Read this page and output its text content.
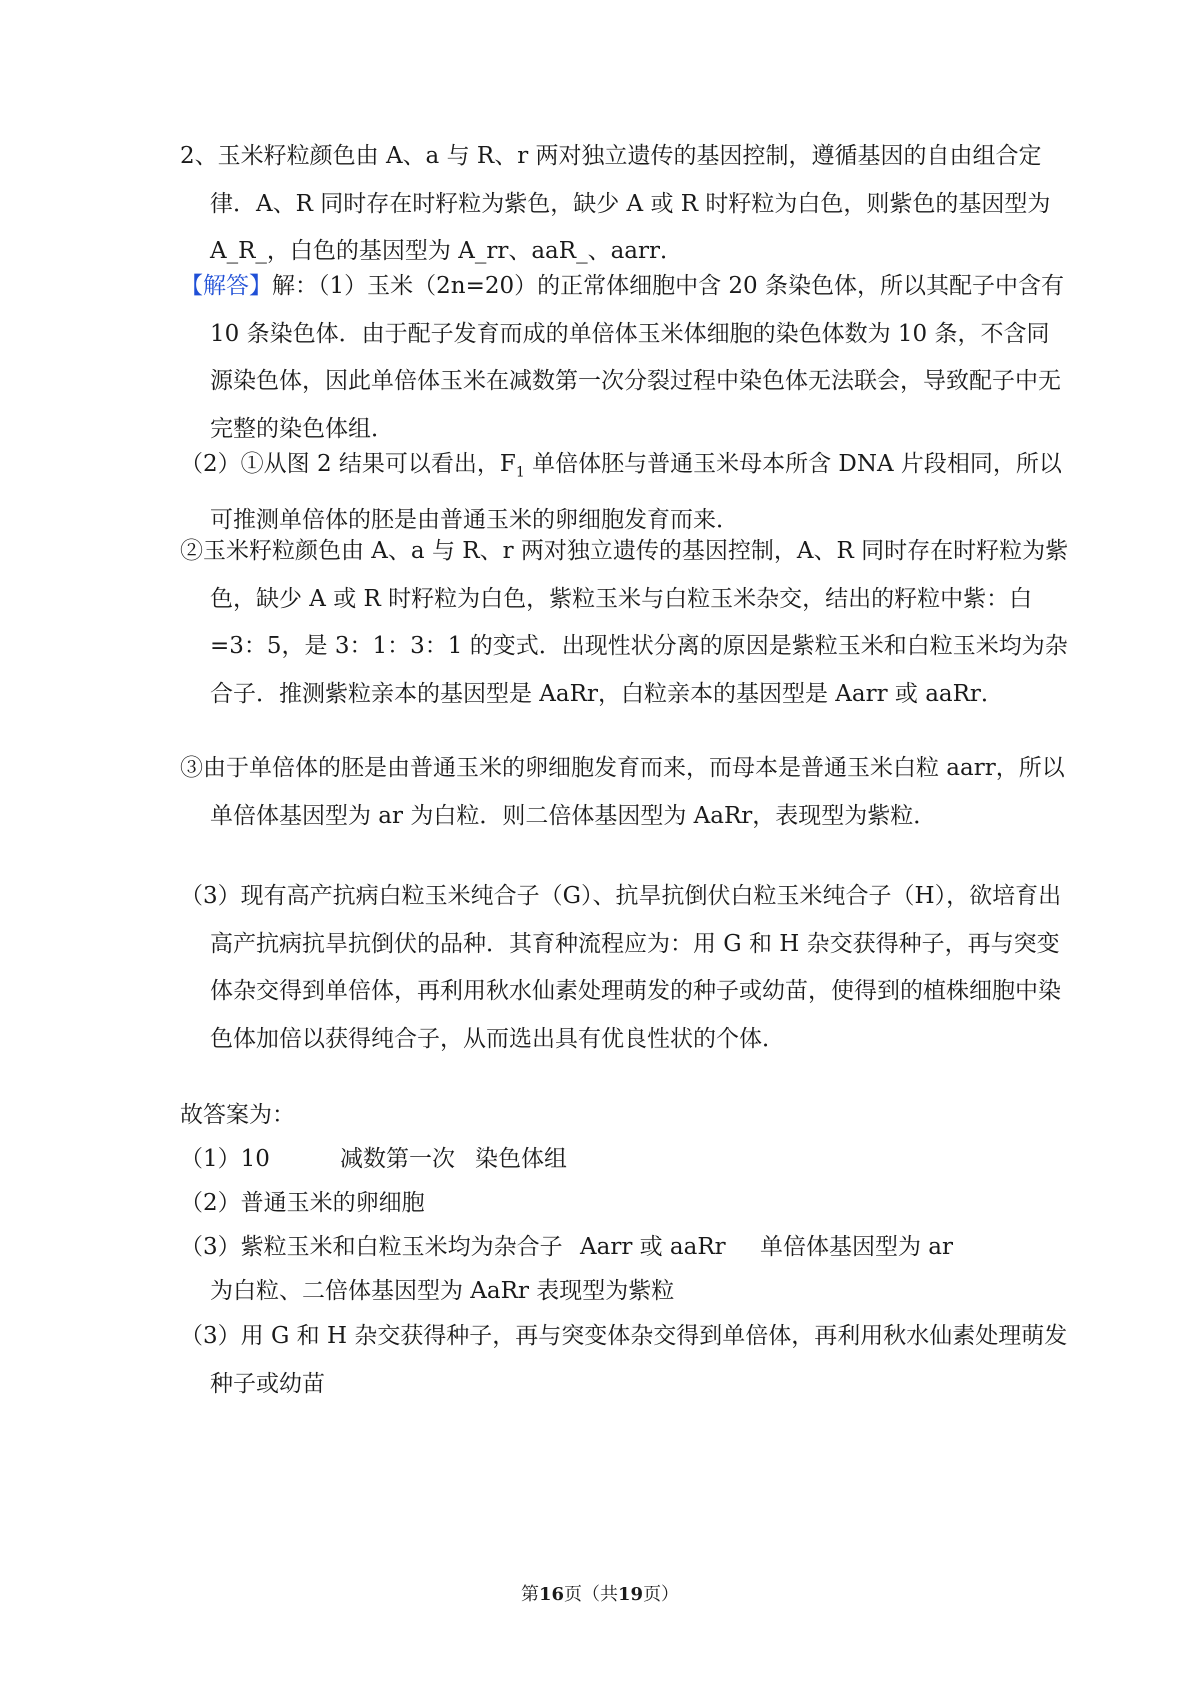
2、玉米籽粒颜色由 A、a 与 R、r 两对独立遗传的基因控制，遵循基因的自由组合定律．A、R 同时存在时籽粒为紫色，缺少 A 或 R 时籽粒为白色，则紫色的基因型为 A_R_，白色的基因型为 A_rr、aaR_、aarr．
【解答】解：（1）玉米（2n=20）的正常体细胞中含 20 条染色体，所以其配子中含有 10 条染色体．由于配子发育而成的单倍体玉米体细胞的染色体数为 10 条，不含同源染色体，因此单倍体玉米在减数第一次分裂过程中染色体无法联会，导致配子中无完整的染色体组．
（2）①从图 2 结果可以看出，$F_1$ 单倍体胚与普通玉米母本所含 DNA 片段相同，所以可推测单倍体的胚是由普通玉米的卵细胞发育而来．
②玉米籽粒颜色由 A、a 与 R、r 两对独立遗传的基因控制，A、R 同时存在时籽粒为紫色，缺少 A 或 R 时籽粒为白色，紫粒玉米与白粒玉米杂交，结出的籽粒中紫：白=3：5，是 3：1：3：1 的变式．出现性状分离的原因是紫粒玉米和白粒玉米均为杂合子．推测紫粒亲本的基因型是 AaRr，白粒亲本的基因型是 Aarr 或 aaRr．
③由于单倍体的胚是由普通玉米的卵细胞发育而来，而母本是普通玉米白粒 aarr，所以单倍体基因型为 ar 为白粒．则二倍体基因型为 AaRr，表现型为紫粒．
（3）现有高产抗病白粒玉米纯合子（G）、抗旱抗倒伏白粒玉米纯合子（H），欲培育出高产抗病抗旱抗倒伏的品种．其育种流程应为：用 G 和 H 杂交获得种子，再与突变体杂交得到单倍体，再利用秋水仙素处理萌发的种子或幼苗，使得到的植株细胞中染色体加倍以获得纯合子，从而选出具有优良性状的个体．
故答案为：
（1）10	减数第一次 染色体组
（2）普通玉米的卵细胞
（3）紫粒玉米和白粒玉米均为杂合子 Aarr 或 aaRr 单倍体基因型为 ar
为白粒、二倍体基因型为 AaRr 表现型为紫粒
（3）用 G 和 H 杂交获得种子，再与突变体杂交得到单倍体，再利用秋水仙素处理萌发种子或幼苗
第16页（共19页）
